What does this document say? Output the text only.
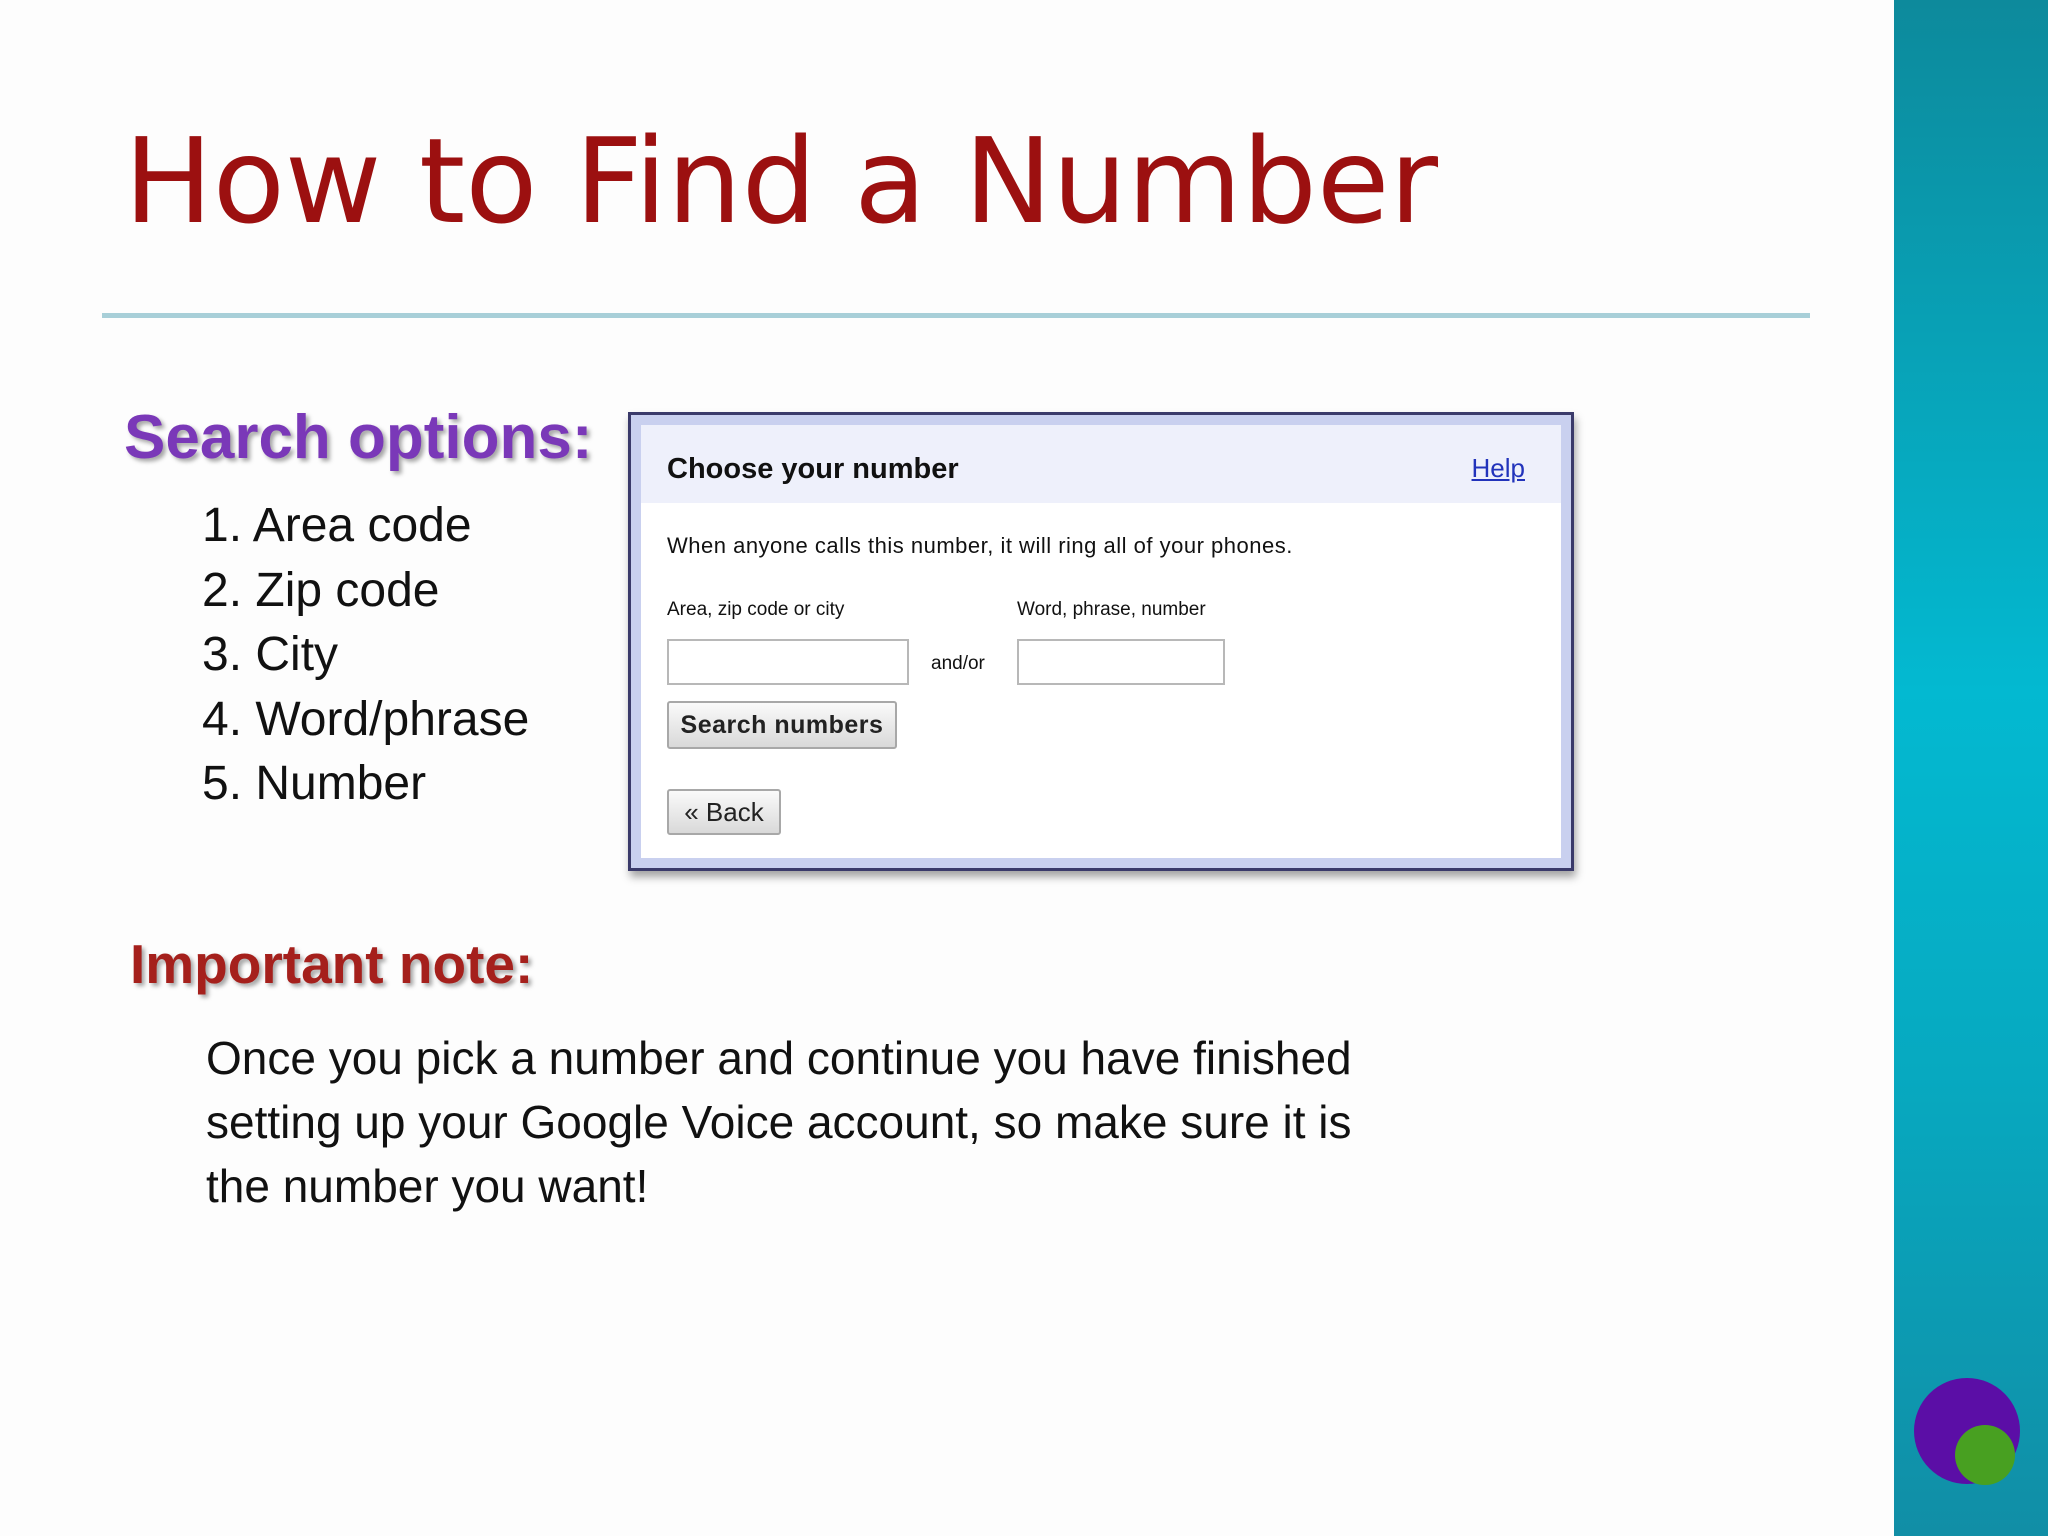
How to Find a Number
Search options:
1. Area code
2. Zip code
3. City
4. Word/phrase
5. Number
Choose your number	Help
When anyone calls this number, it will ring all of your phones.
Area, zip code or city	Word, phrase, number
and/or
Search numbers
« Back
Important note:

Once you pick a number and continue you have finished
setting up your Google Voice account, so make sure it is
the number you want!
